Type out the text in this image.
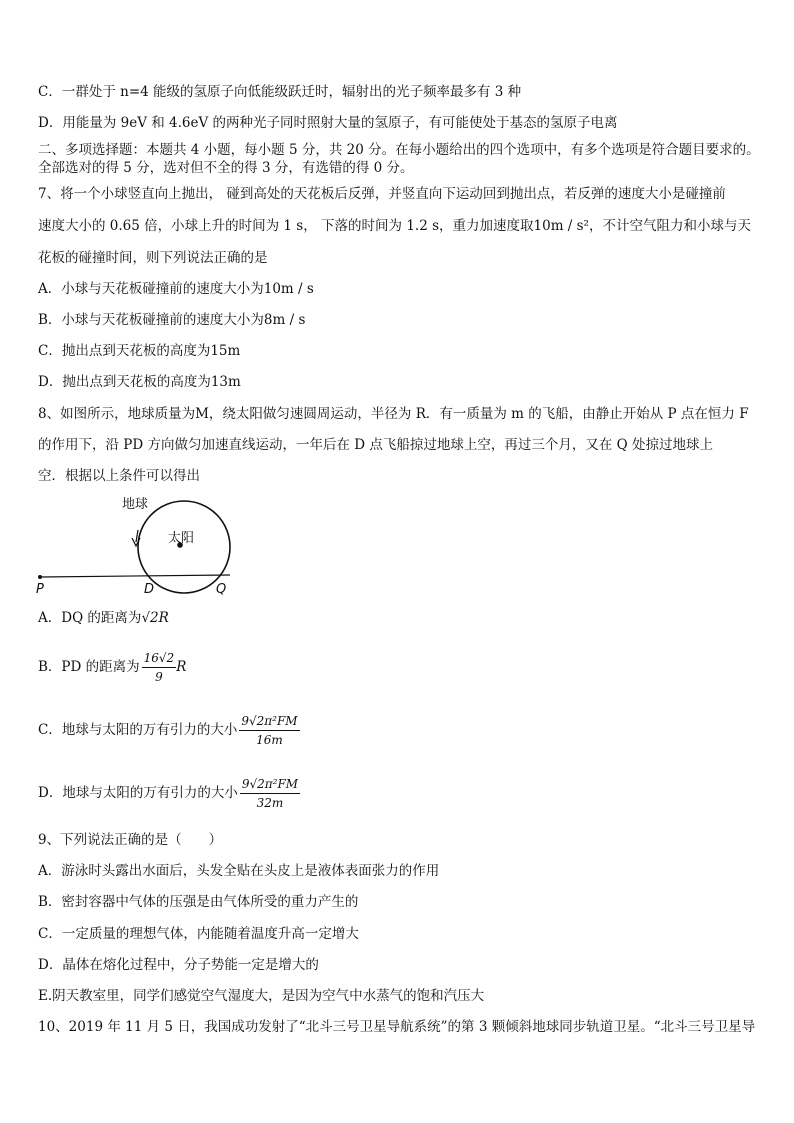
C．一群处于 n=4 能级的氢原子向低能级跃迁时，辐射出的光子频率最多有 3 种
D．用能量为 9eV 和 4.6eV 的两种光子同时照射大量的氢原子，有可能使处于基态的氢原子电离
二、多项选择题：本题共 4 小题，每小题 5 分，共 20 分。在每小题给出的四个选项中，有多个选项是符合题目要求的。
全部选对的得 5 分，选对但不全的得 3 分，有选错的得 0 分。
7、将一个小球竖直向上抛出， 碰到高处的天花板后反弹，并竖直向下运动回到抛出点，若反弹的速度大小是碰撞前
速度大小的 0.65 倍，小球上升的时间为 1 s， 下落的时间为 1.2 s，重力加速度取10m / s²，不计空气阻力和小球与天
花板的碰撞时间，则下列说法正确的是
A．小球与天花板碰撞前的速度大小为10m / s
B．小球与天花板碰撞前的速度大小为8m / s
C．抛出点到天花板的高度为15m
D．抛出点到天花板的高度为13m
8、如图所示，地球质量为M，绕太阳做匀速圆周运动，半径为 R．有一质量为 m 的飞船，由静止开始从 P 点在恒力 F
的作用下，沿 PD 方向做匀加速直线运动，一年后在 D 点飞船掠过地球上空，再过三个月，又在 Q 处掠过地球上
空．根据以上条件可以得出
地球
太阳
P	D	Q
A．DQ 的距离为√2R
B．PD 的距离为 $\frac{16√2}{9}$ R
C．地球与太阳的万有引力的大小 $\frac{\text{9√2π²FM}}{16m}$
D．地球与太阳的万有引力的大小 $\frac{\text{9√2π²FM}}{32m}$
9、下列说法正确的是（　　）
A．游泳时头露出水面后，头发全贴在头皮上是液体表面张力的作用
B．密封容器中气体的压强是由气体所受的重力产生的
C．一定质量的理想气体，内能随着温度升高一定增大
D．晶体在熔化过程中，分子势能一定是增大的
E.阴天教室里，同学们感觉空气湿度大，是因为空气中水蒸气的饱和汽压大
10、2019 年 11 月 5 日，我国成功发射了“北斗三号卫星导航系统”的第 3 颗倾斜地球同步轨道卫星。“北斗三号卫星导
